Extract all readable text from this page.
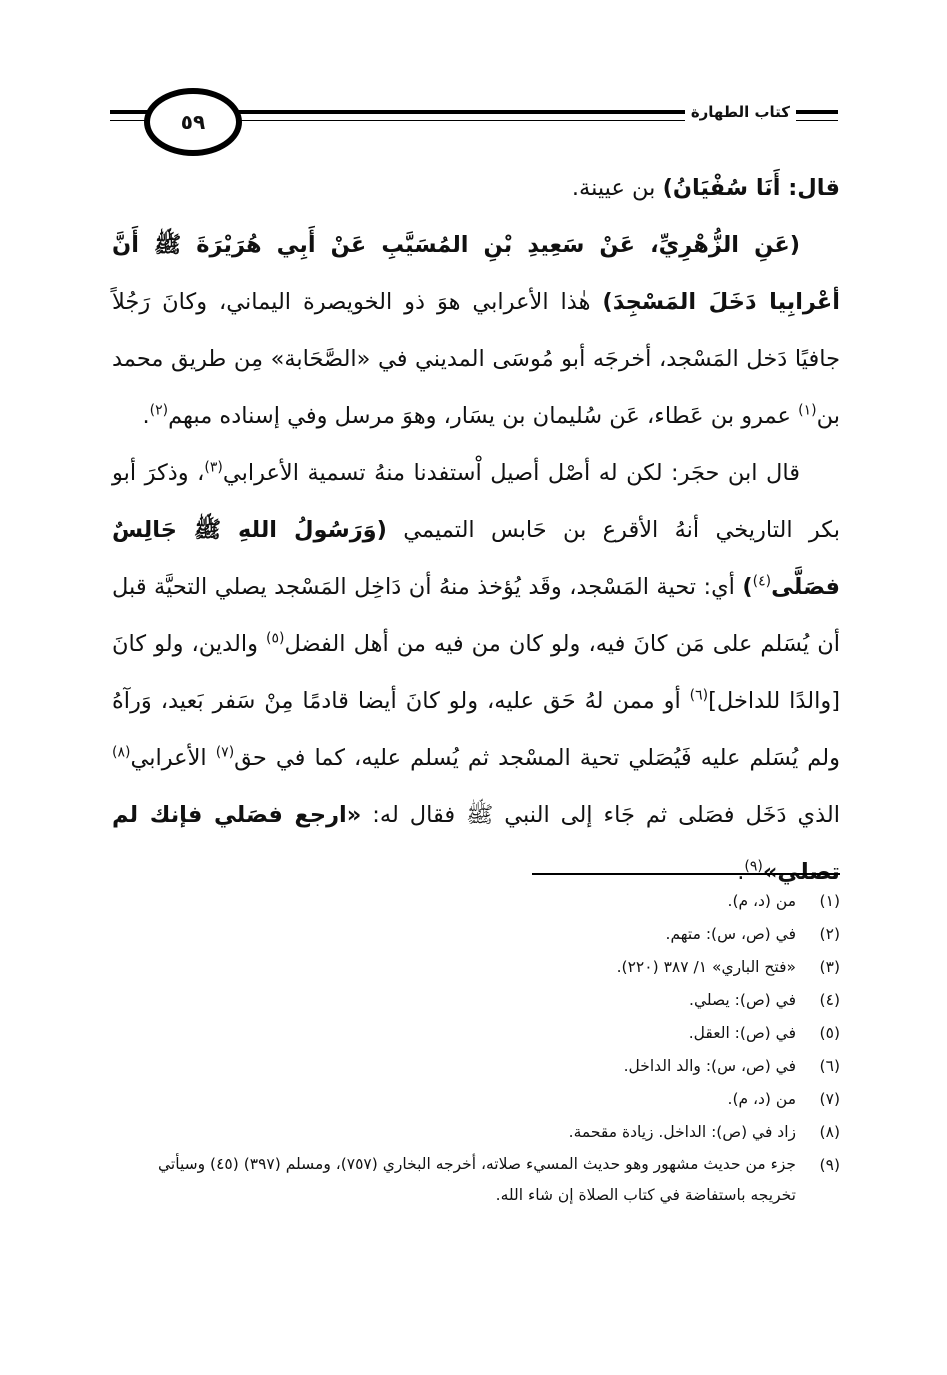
٥٩	كتاب الطهارة

قال: أَنَا سُفْيَانُ) بن عيينة.

(عَنِ الزُّهْرِيِّ، عَنْ سَعِيدِ بْنِ المُسَيَّبِ عَنْ أَبِي هُرَيْرَةَ ﷺ أَنَّ أعْرابِيا دَخَلَ المَسْجِدَ) هٰذا الأعرابي هوَ ذو الخويصرة اليماني، وكانَ رَجُلاً جافيًا دَخل المَسْجد، أخرجَه أبو مُوسَى المديني في «الصَّحَابة» مِن طريق محمد بن$^{(١)}$ عمرو بن عَطاء، عَن سُليمان بن يسَار، وهوَ مرسل وفي إسناده مبهم$^{(٢)}$.

قال ابن حجَر: لكن له أصْل أصيل اْستفدنا منهُ تسمية الأعرابي$^{(٣)}$، وذكرَ أبو بكر التاريخي أنهُ الأقرع بن حَابس التميمي (وَرَسُولُ اللهِ ﷺ جَالِسٌ فصَلَّى$^{(٤)}$) أي: تحية المَسْجد، وقَد يُؤخذ منهُ أن دَاخِل المَسْجد يصلي التحيَّة قبل أن يُسَلم على مَن كانَ فيه، ولو كان من فيه من أهل الفضل$^{(٥)}$ والدين، ولو كانَ [والدًا للداخل]$^{(٦)}$ أو ممن لهُ حَق عليه، ولو كانَ أيضا قادمًا مِنْ سَفر بَعيد، وَرآهُ ولم يُسَلم عليه فَيُصَلي تحية المسْجد ثم يُسلم عليه، كما في حق$^{(٧)}$ الأعرابي$^{(٨)}$ الذي دَخَل فصَلى ثم جَاء إلى النبي ﷺ فقال له: «ارجع فصَلي فإنك لم تصلي»$^{(٩)}$.

(١)
من (د، م).
(٢)
في (ص، س): متهم.
(٣)
«فتح الباري» ١/ ٣٨٧ (٢٢٠).
(٤)
في (ص): يصلي.
(٥)
في (ص): العقل.
(٦)
في (ص، س): والد الداخل.
(٧)
من (د، م).
(٨)
زاد في (ص): الداخل. زيادة مقحمة.
(٩)
جزء من حديث مشهور وهو حديث المسيء صلاته، أخرجه البخاري (٧٥٧)، ومسلم (٣٩٧) (٤٥) وسيأتي تخريجه باستفاضة في كتاب الصلاة إن شاء الله.
